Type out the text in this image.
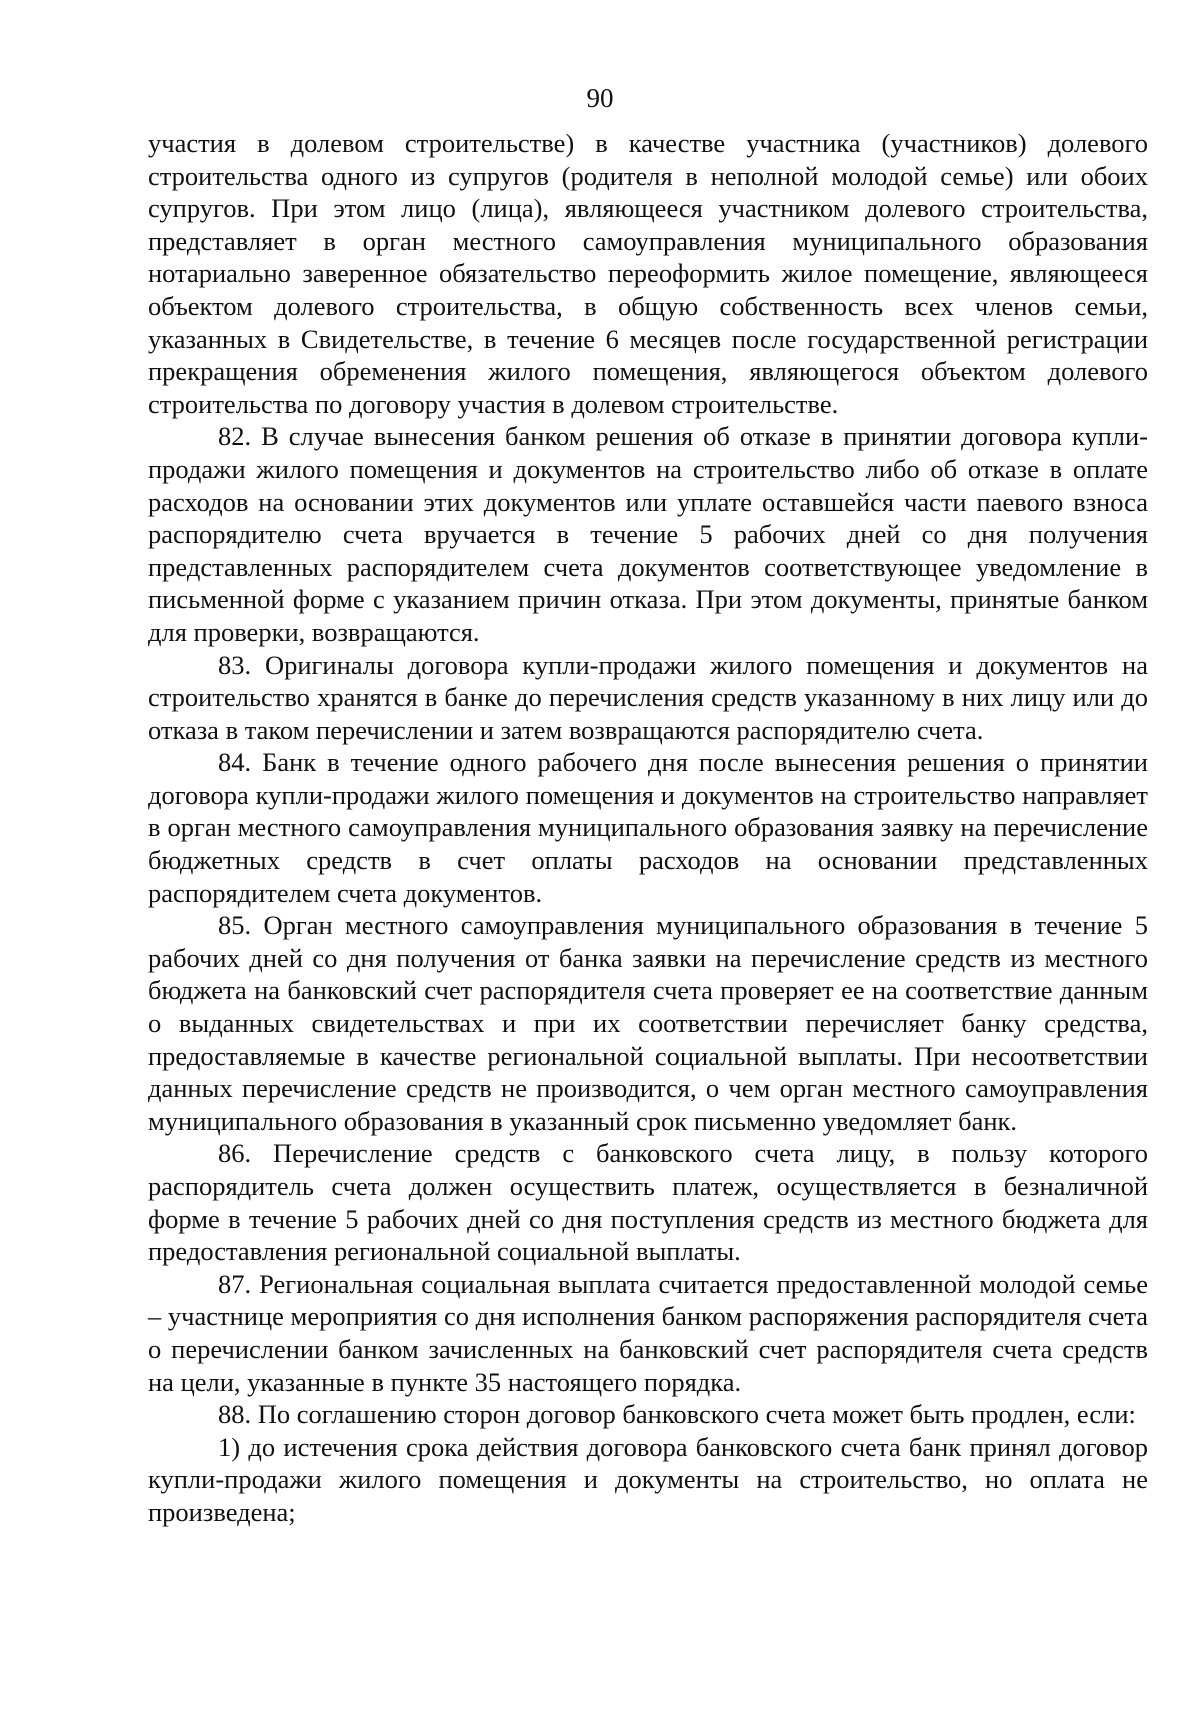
90

участия в долевом строительстве) в качестве участника (участников) долевого строительства одного из супругов (родителя в неполной молодой семье) или обоих супругов. При этом лицо (лица), являющееся участником долевого строительства, представляет в орган местного самоуправления муниципального образования нотариально заверенное обязательство переоформить жилое помещение, являющееся объектом долевого строительства, в общую собственность всех членов семьи, указанных в Свидетельстве, в течение 6 месяцев после государственной регистрации прекращения обременения жилого помещения, являющегося объектом долевого строительства по договору участия в долевом строительстве.

82. В случае вынесения банком решения об отказе в принятии договора купли-продажи жилого помещения и документов на строительство либо об отказе в оплате расходов на основании этих документов или уплате оставшейся части паевого взноса распорядителю счета вручается в течение 5 рабочих дней со дня получения представленных распорядителем счета документов соответствующее уведомление в письменной форме с указанием причин отказа. При этом документы, принятые банком для проверки, возвращаются.

83. Оригиналы договора купли-продажи жилого помещения и документов на строительство хранятся в банке до перечисления средств указанному в них лицу или до отказа в таком перечислении и затем возвращаются распорядителю счета.

84. Банк в течение одного рабочего дня после вынесения решения о принятии договора купли-продажи жилого помещения и документов на строительство направляет в орган местного самоуправления муниципального образования заявку на перечисление бюджетных средств в счет оплаты расходов на основании представленных распорядителем счета документов.

85. Орган местного самоуправления муниципального образования в течение 5 рабочих дней со дня получения от банка заявки на перечисление средств из местного бюджета на банковский счет распорядителя счета проверяет ее на соответствие данным о выданных свидетельствах и при их соответствии перечисляет банку средства, предоставляемые в качестве региональной социальной выплаты. При несоответствии данных перечисление средств не производится, о чем орган местного самоуправления муниципального образования в указанный срок письменно уведомляет банк.

86. Перечисление средств с банковского счета лицу, в пользу которого распорядитель счета должен осуществить платеж, осуществляется в безналичной форме в течение 5 рабочих дней со дня поступления средств из местного бюджета для предоставления региональной социальной выплаты.

87. Региональная социальная выплата считается предоставленной молодой семье – участнице мероприятия со дня исполнения банком распоряжения распорядителя счета о перечислении банком зачисленных на банковский счет распорядителя счета средств на цели, указанные в пункте 35 настоящего порядка.

88. По соглашению сторон договор банковского счета может быть продлен, если:

1) до истечения срока действия договора банковского счета банк принял договор купли-продажи жилого помещения и документы на строительство, но оплата не произведена;
